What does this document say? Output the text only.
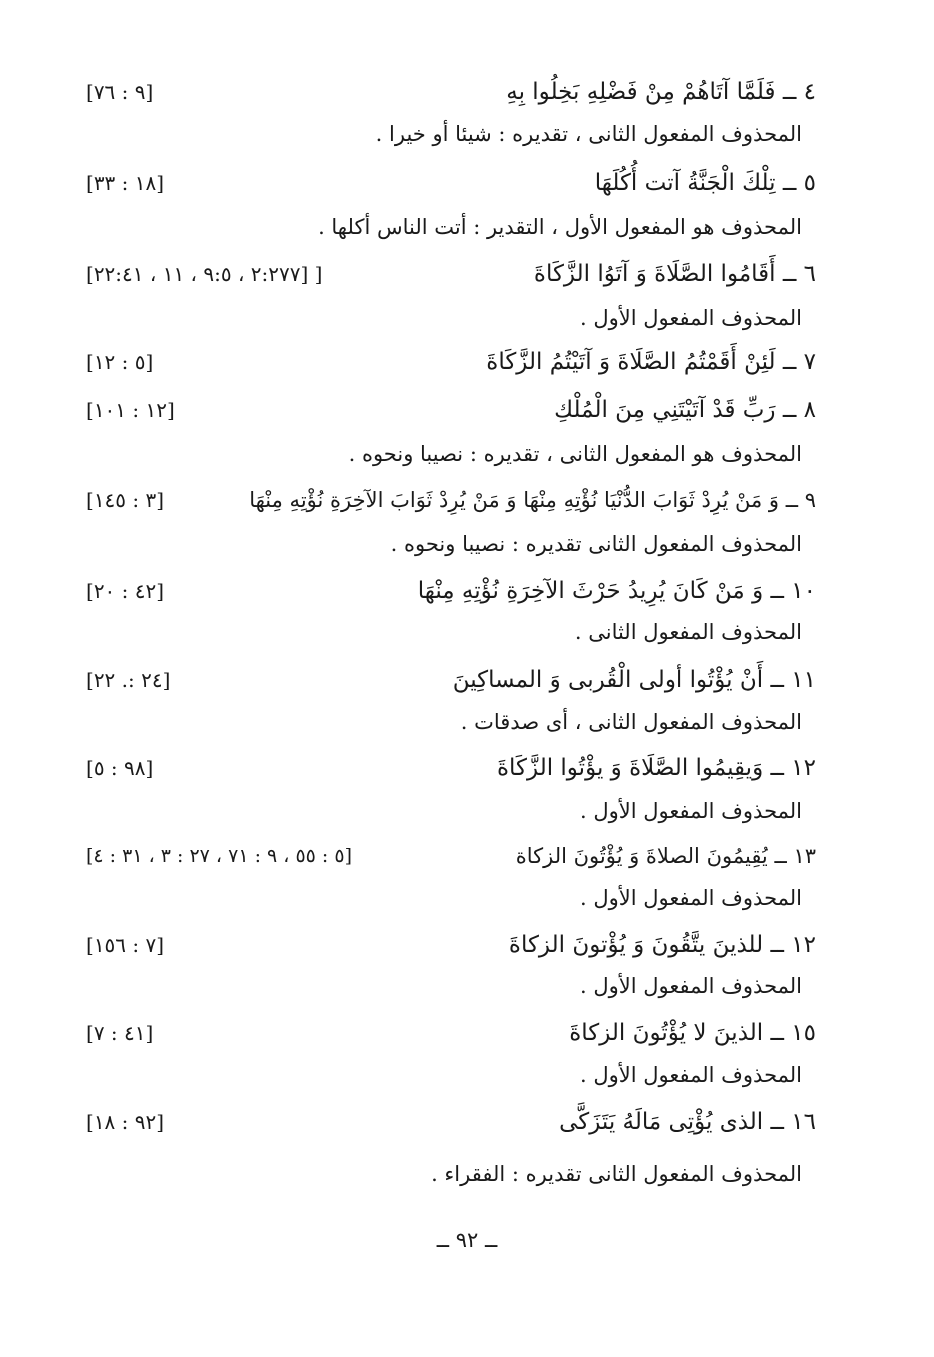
٤ ــ فَلَمَّا آتَاهُمْ مِنْ فَضْلِهِ بَخِلُوا بِهِ
[٩ : ٧٦]
المحذوف المفعول الثانى ، تقديره : شيئا أو خيرا .
٥ ــ تِلْكَ الْجَنَّةُ آتت أُكُلَهَا
[١٨ : ٣٣]
المحذوف هو المفعول الأول ، التقدير : أتت الناس أكلها .
٦ ــ أَقَامُوا الصَّلَاةَ وَ آتَوُا الزَّكَاةَ
[ [٢:٢٧٧ ، ٩:٥ ، ١١ ، ٢٢:٤١]
المحذوف المفعول الأول .
٧ ــ لَئِنْ أَقَمْتُمُ الصَّلَاةَ وَ آتَيْتُمُ الزَّكَاةَ
[٥ : ١٢]
٨ ــ رَبِّ قَدْ آتَيْتَنِي مِنَ الْمُلْكِ
[١٢ : ١٠١]
المحذوف هو المفعول الثانى ، تقديره : نصيبا ونحوه .
٩ ــ وَ مَنْ يُرِدْ ثَوَابَ الدُّنْيَا نُؤْتِهِ مِنْهَا وَ مَنْ يُرِدْ ثَوَابَ الآخِرَةِ نُؤْتِهِ مِنْهَا
[٣ : ١٤٥]
المحذوف المفعول الثانى تقديره : نصيبا ونحوه .
١٠ ــ وَ مَنْ كَانَ يُرِيدُ حَرْثَ الآخِرَةِ نُؤْتِهِ مِنْهَا
[٤٢ : ٢٠]
المحذوف المفعول الثانى .
١١ ــ أَنْ يُؤْتُوا أولى الْقُربى وَ المساكِينَ
[٢٤ :. ٢٢]
المحذوف المفعول الثانى ، أى صدقات .
١٢ ــ وَيقِيمُوا الصَّلَاةَ وَ يؤْتُوا الزَّكَاةَ
[٩٨ : ٥]
المحذوف المفعول الأول .
١٣ ــ يُقِيمُونَ الصلاةَ وَ يُؤْتُونَ الزكاة
[٥ : ٥٥ ، ٩ : ٧١ ، ٢٧ : ٣ ، ٣١ : ٤]
المحذوف المفعول الأول .
١٢ ــ للذينَ يتَّقُونَ وَ يُؤْتونَ الزكاةَ
[٧ : ١٥٦]
المحذوف المفعول الأول .
١٥ ــ الذينَ لا يُؤْتُونَ الزكاةَ
[٤١ : ٧]
المحذوف المفعول الأول .
١٦ ــ الذى يُؤْتِى مَالَهُ يَتَزَكَّى
[٩٢ : ١٨]
المحذوف المفعول الثانى تقديره : الفقراء .
ــ ٩٢ ــ
